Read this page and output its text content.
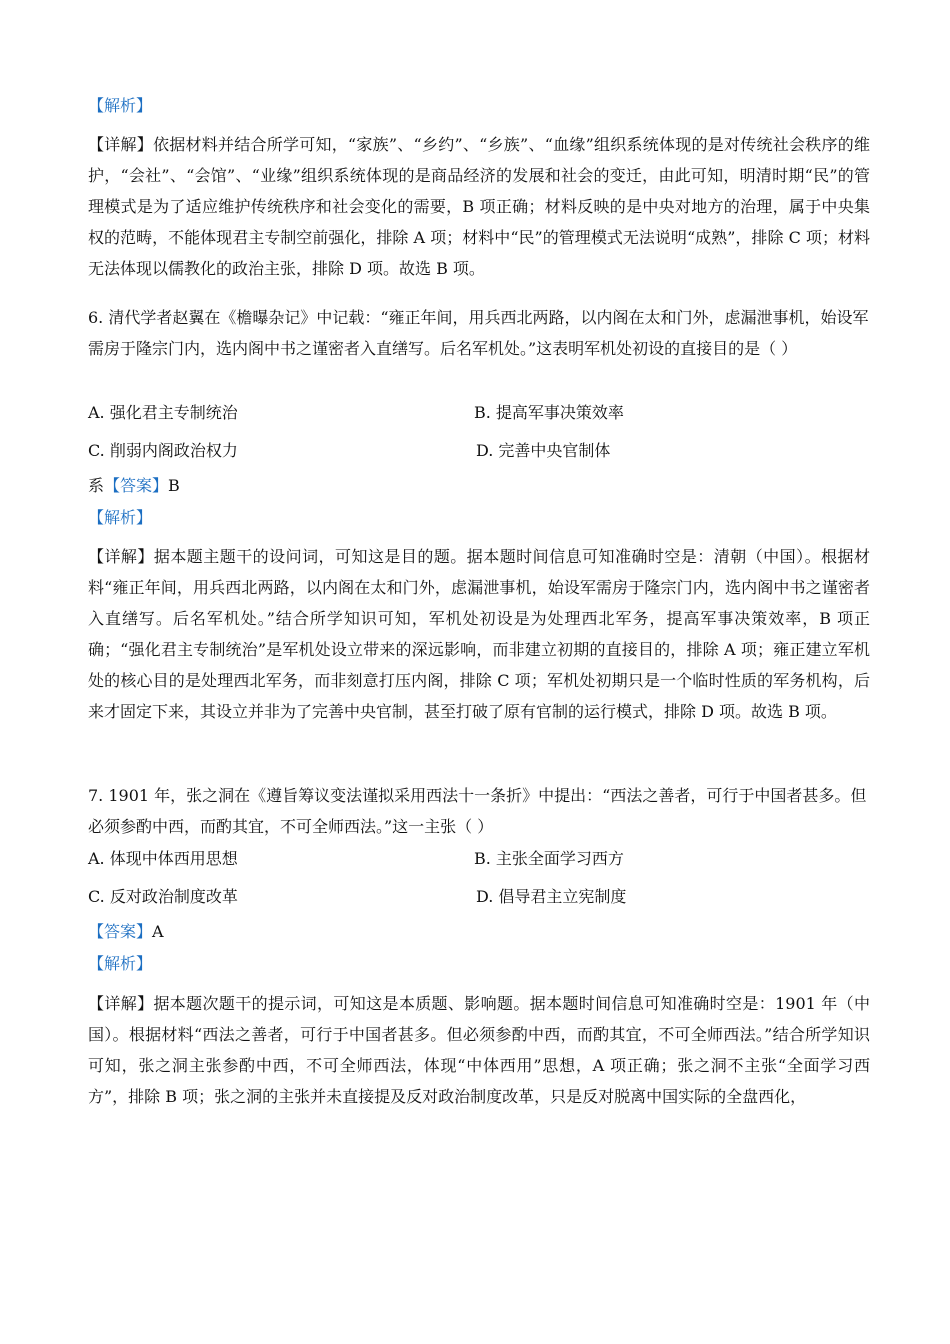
【解析】
【详解】依据材料并结合所学可知，“家族”、“乡约”、“乡族”、“血缘”组织系统体现的是对传统社会秩序的维护，“会社”、“会馆”、“业缘”组织系统体现的是商品经济的发展和社会的变迁，由此可知，明清时期“民”的管理模式是为了适应维护传统秩序和社会变化的需要，B 项正确；材料反映的是中央对地方的治理，属于中央集权的范畴，不能体现君主专制空前强化，排除 A 项；材料中“民”的管理模式无法说明“成熟”，排除 C 项；材料无法体现以儒教化的政治主张，排除 D 项。故选 B 项。
6. 清代学者赵翼在《檐曝杂记》中记载：“雍正年间，用兵西北两路，以内阁在太和门外，虑漏泄事机，始设军需房于隆宗门内，选内阁中书之谨密者入直缮写。后名军机处。”这表明军机处初设的直接目的是（ ）
A. 强化君主专制统治	B. 提高军事决策效率
C. 削弱内阁政治权力	D. 完善中央官制体
系【答案】B
【解析】
【详解】据本题主题干的设问词，可知这是目的题。据本题时间信息可知准确时空是：清朝（中国）。根据材料“雍正年间，用兵西北两路，以内阁在太和门外，虑漏泄事机，始设军需房于隆宗门内，选内阁中书之谨密者入直缮写。后名军机处。”结合所学知识可知，军机处初设是为处理西北军务，提高军事决策效率，B 项正确；“强化君主专制统治”是军机处设立带来的深远影响，而非建立初期的直接目的，排除 A 项；雍正建立军机处的核心目的是处理西北军务，而非刻意打压内阁，排除 C 项；军机处初期只是一个临时性质的军务机构，后来才固定下来，其设立并非为了完善中央官制，甚至打破了原有官制的运行模式，排除 D 项。故选 B 项。
7. 1901 年，张之洞在《遵旨筹议变法谨拟采用西法十一条折》中提出：“西法之善者，可行于中国者甚多。但必须参酌中西，而酌其宜，不可全师西法。”这一主张（ ）
A. 体现中体西用思想	B. 主张全面学习西方
C. 反对政治制度改革	D. 倡导君主立宪制度
【答案】A
【解析】
【详解】据本题次题干的提示词，可知这是本质题、影响题。据本题时间信息可知准确时空是：1901 年（中国）。根据材料“西法之善者，可行于中国者甚多。但必须参酌中西，而酌其宜，不可全师西法。”结合所学知识可知，张之洞主张参酌中西，不可全师西法，体现“中体西用”思想，A 项正确；张之洞不主张“全面学习西方”，排除 B 项；张之洞的主张并未直接提及反对政治制度改革，只是反对脱离中国实际的全盘西化，
